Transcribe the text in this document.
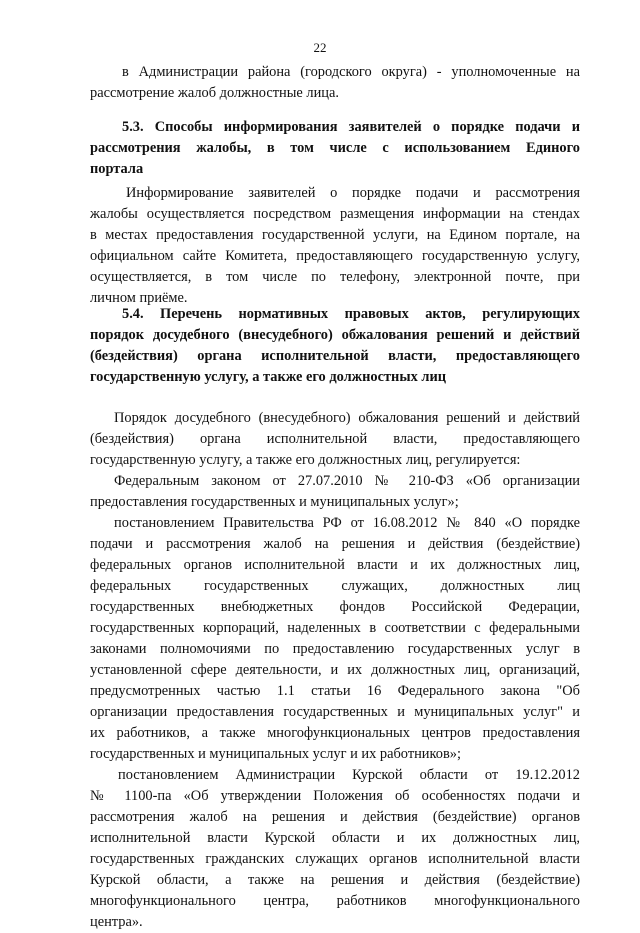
22
в Администрации района (городского округа) - уполномоченные на
рассмотрение жалоб должностные лица.
5.3. Способы информирования заявителей о порядке подачи и
рассмотрения жалобы, в том числе с использованием Единого
портала
Информирование заявителей о порядке подачи и рассмотрения
жалобы осуществляется посредством размещения информации на стендах
в местах предоставления государственной услуги, на Едином портале, на
официальном сайте Комитета, предоставляющего государственную услугу,
осуществляется, в том числе по телефону, электронной почте, при
личном приёме.
5.4. Перечень нормативных правовых актов, регулирующих
порядок досудебного (внесудебного) обжалования решений и действий
(бездействия) органа исполнительной власти, предоставляющего
государственную услугу, а также его должностных лиц
Порядок досудебного (внесудебного) обжалования решений и действий
(бездействия) органа исполнительной власти, предоставляющего
государственную услугу, а также его должностных лиц, регулируется:
Федеральным законом от 27.07.2010 № 210-ФЗ «Об организации
предоставления государственных и муниципальных услуг»;
постановлением Правительства РФ от 16.08.2012 № 840 «О порядке
подачи и рассмотрения жалоб на решения и действия (бездействие)
федеральных органов исполнительной власти и их должностных лиц,
федеральных государственных служащих, должностных лиц
государственных внебюджетных фондов Российской Федерации,
государственных корпораций, наделенных в соответствии с федеральными
законами полномочиями по предоставлению государственных услуг в
установленной сфере деятельности, и их должностных лиц, организаций,
предусмотренных частью 1.1 статьи 16 Федерального закона "Об
организации предоставления государственных и муниципальных услуг" и
их работников, а также многофункциональных центров предоставления
государственных и муниципальных услуг и их работников»;
постановлением Администрации Курской области от 19.12.2012
№ 1100-па «Об утверждении Положения об особенностях подачи и
рассмотрения жалоб на решения и действия (бездействие) органов
исполнительной власти Курской области и их должностных лиц,
государственных гражданских служащих органов исполнительной власти
Курской области, а также на решения и действия (бездействие)
многофункционального центра, работников многофункционального
центра».
